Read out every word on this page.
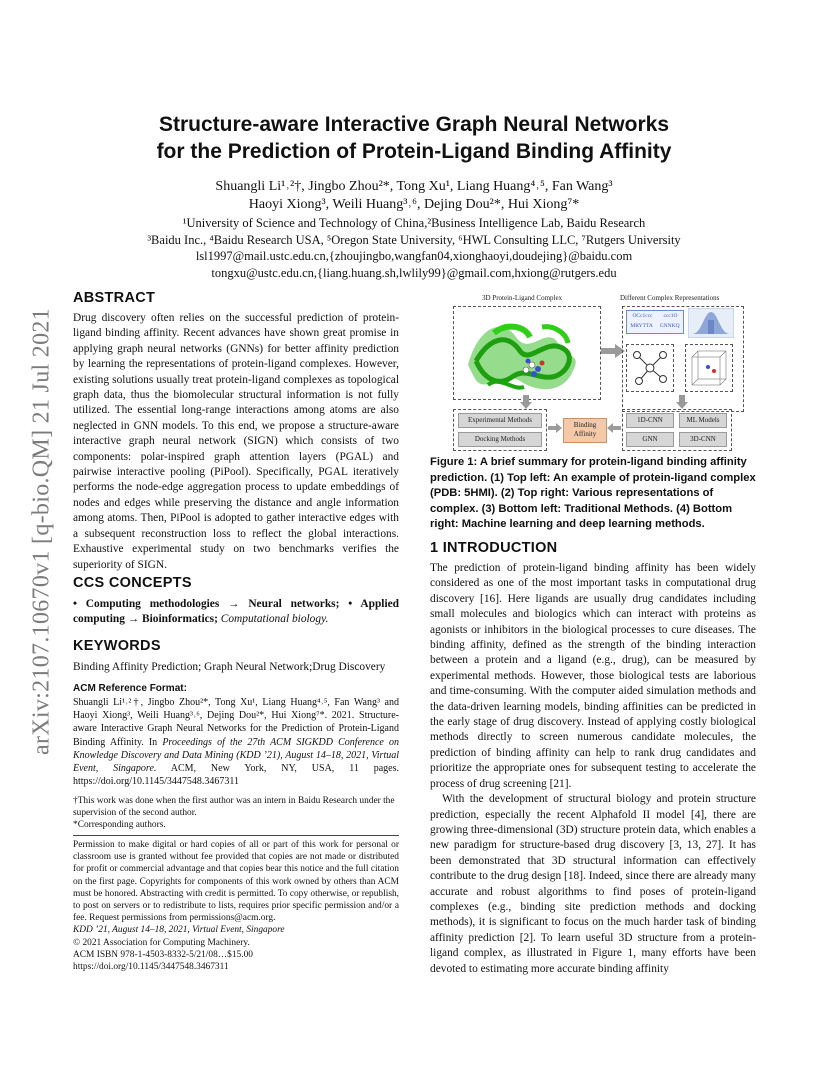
arXiv:2107.10670v1 [q-bio.QM] 21 Jul 2021
Structure-aware Interactive Graph Neural Networks
for the Prediction of Protein-Ligand Binding Affinity
Shuangli Li¹˒²†, Jingbo Zhou²*, Tong Xu¹, Liang Huang⁴˒⁵, Fan Wang³
Haoyi Xiong³, Weili Huang³˒⁶, Dejing Dou²*, Hui Xiong⁷*
¹University of Science and Technology of China,²Business Intelligence Lab, Baidu Research
³Baidu Inc., ⁴Baidu Research USA, ⁵Oregon State University, ⁶HWL Consulting LLC, ⁷Rutgers University
lsl1997@mail.ustc.edu.cn,{zhoujingbo,wangfan04,xionghaoyi,doudejing}@baidu.com
tongxu@ustc.edu.cn,{liang.huang.sh,lwlily99}@gmail.com,hxiong@rutgers.edu
ABSTRACT

Drug discovery often relies on the successful prediction of protein-ligand binding affinity. Recent advances have shown great promise in applying graph neural networks (GNNs) for better affinity prediction by learning the representations of protein-ligand complexes. However, existing solutions usually treat protein-ligand complexes as topological graph data, thus the biomolecular structural information is not fully utilized. The essential long-range interactions among atoms are also neglected in GNN models. To this end, we propose a structure-aware interactive graph neural network (SIGN) which consists of two components: polar-inspired graph attention layers (PGAL) and pairwise interactive pooling (PiPool). Specifically, PGAL iteratively performs the node-edge aggregation process to update embeddings of nodes and edges while preserving the distance and angle information among atoms. Then, PiPool is adopted to gather interactive edges with a subsequent reconstruction loss to reflect the global interactions. Exhaustive experimental study on two benchmarks verifies the superiority of SIGN.

CCS CONCEPTS

• Computing methodologies → Neural networks; • Applied computing → Bioinformatics; Computational biology.

KEYWORDS

Binding Affinity Prediction; Graph Neural Network;Drug Discovery

ACM Reference Format:

Shuangli Li¹˒²†, Jingbo Zhou²*, Tong Xu¹, Liang Huang⁴˒⁵, Fan Wang³ and Haoyi Xiong³, Weili Huang³˒⁶, Dejing Dou²*, Hui Xiong⁷*. 2021. Structure-aware Interactive Graph Neural Networks for the Prediction of Protein-Ligand Binding Affinity. In Proceedings of the 27th ACM SIGKDD Conference on Knowledge Discovery and Data Mining (KDD ’21), August 14–18, 2021, Virtual Event, Singapore. ACM, New York, NY, USA, 11 pages. https://doi.org/10.1145/3447548.3467311

†This work was done when the first author was an intern in Baidu Research under the supervision of the second author.

*Corresponding authors.

Permission to make digital or hard copies of all or part of this work for personal or classroom use is granted without fee provided that copies are not made or distributed for profit or commercial advantage and that copies bear this notice and the full citation on the first page. Copyrights for components of this work owned by others than ACM must be honored. Abstracting with credit is permitted. To copy otherwise, or republish, to post on servers or to redistribute to lists, requires prior specific permission and/or a fee. Request permissions from permissions@acm.org.

KDD ’21, August 14–18, 2021, Virtual Event, Singapore

© 2021 Association for Computing Machinery.

ACM ISBN 978-1-4503-8332-5/21/08…$15.00

https://doi.org/10.1145/3447548.3467311

3D Protein-Ligand Complex	Different Complex Representations
OCc1ccc ccc1O
MRYTTA GNNKQ
Experimental Methods
Docking Methods
Binding Affinity
1D-CNN	ML Models
GNN	3D-CNN
Figure 1: A brief summary for protein-ligand binding affinity prediction. (1) Top left: An example of protein-ligand complex (PDB: 5HMI). (2) Top right: Various representations of complex. (3) Bottom left: Traditional Methods. (4) Bottom right: Machine learning and deep learning methods.
1 INTRODUCTION

The prediction of protein-ligand binding affinity has been widely considered as one of the most important tasks in computational drug discovery [16]. Here ligands are usually drug candidates including small molecules and biologics which can interact with proteins as agonists or inhibitors in the biological processes to cure diseases. The binding affinity, defined as the strength of the binding interaction between a protein and a ligand (e.g., drug), can be measured by experimental methods. However, those biological tests are laborious and time-consuming. With the computer aided simulation methods and the data-driven learning models, binding affinities can be predicted in the early stage of drug discovery. Instead of applying costly biological methods directly to screen numerous candidate molecules, the prediction of binding affinity can help to rank drug candidates and prioritize the appropriate ones for subsequent testing to accelerate the process of drug screening [21].

With the development of structural biology and protein structure prediction, especially the recent Alphafold II model [4], there are growing three-dimensional (3D) structure protein data, which enables a new paradigm for structure-based drug discovery [3, 13, 27]. It has been demonstrated that 3D structural information can effectively contribute to the drug design [18]. Indeed, since there are already many accurate and robust algorithms to find poses of protein-ligand complexes (e.g., binding site prediction methods and docking methods), it is significant to focus on the much harder task of binding affinity prediction [2]. To learn useful 3D structure from a protein-ligand complex, as illustrated in Figure 1, many efforts have been devoted to estimating more accurate binding affinity
